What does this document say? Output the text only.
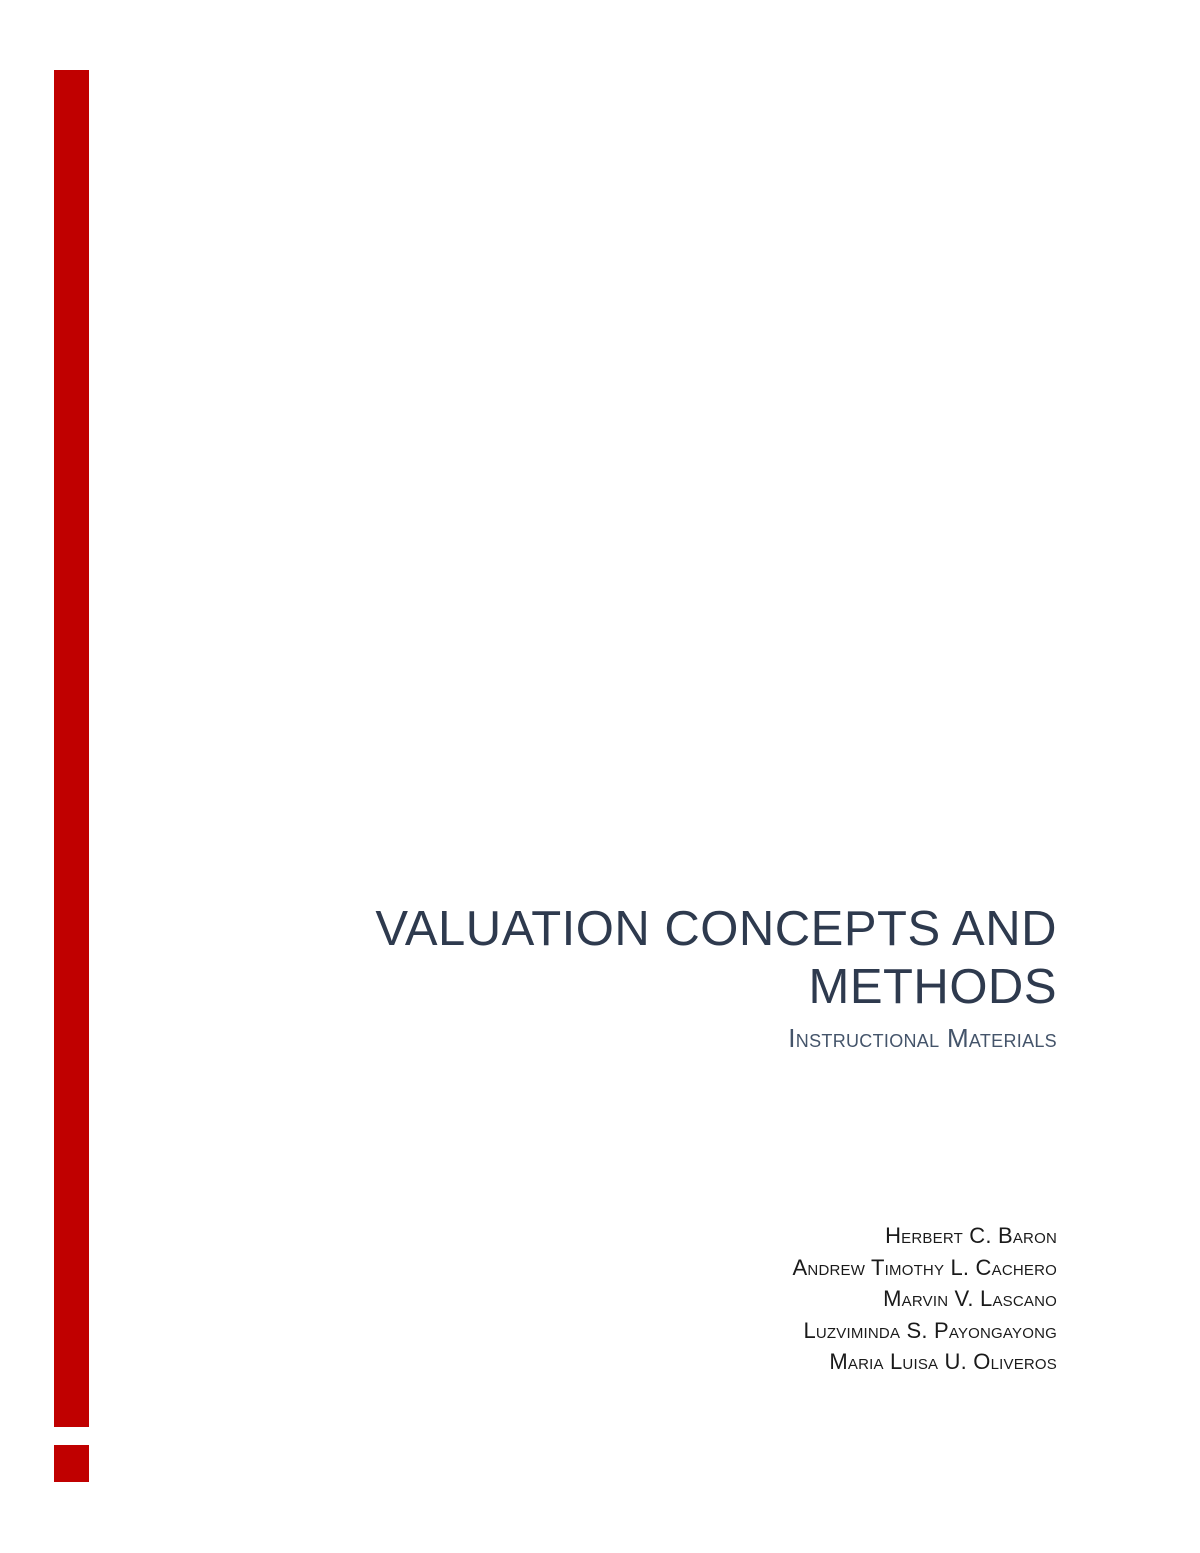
VALUATION CONCEPTS AND
METHODS

Instructional Materials

Herbert C. Baron
Andrew Timothy L. Cachero
Marvin V. Lascano
Luzviminda S. Payongayong
Maria Luisa U. Oliveros
